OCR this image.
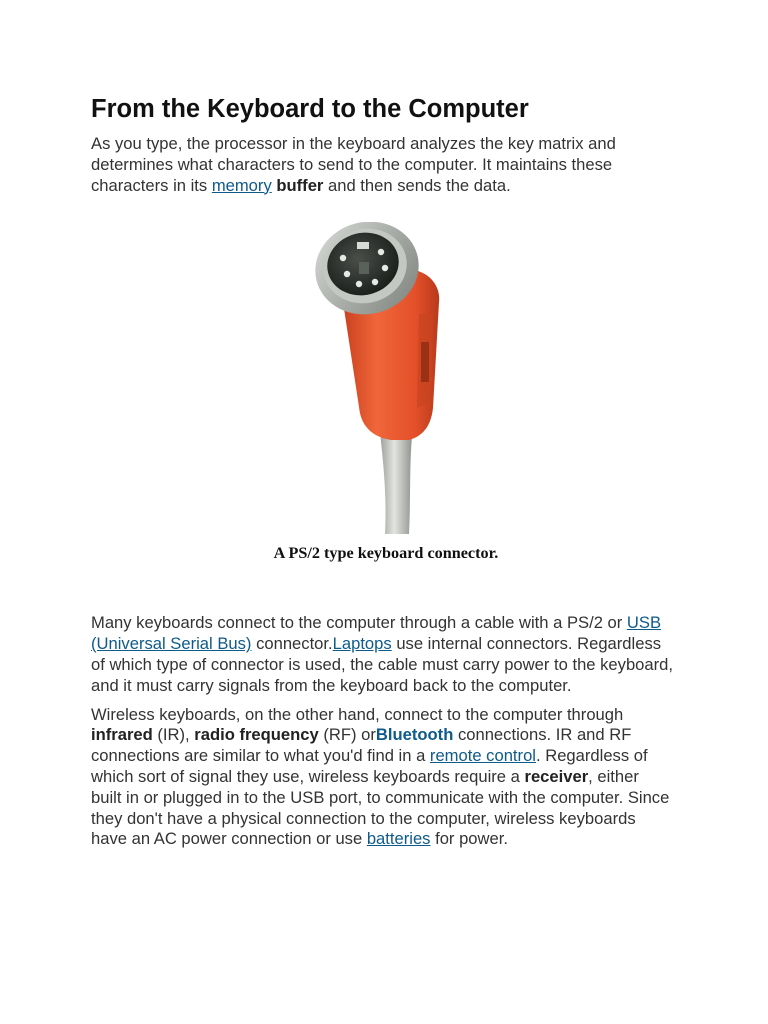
From the Keyboard to the Computer

As you type, the processor in the keyboard analyzes the key matrix and determines what characters to send to the computer. It maintains these characters in its memory buffer and then sends the data.

A PS/2 type keyboard connector.

Many keyboards connect to the computer through a cable with a PS/2 or USB (Universal Serial Bus) connector.Laptops use internal connectors. Regardless of which type of connector is used, the cable must carry power to the keyboard, and it must carry signals from the keyboard back to the computer.

Wireless keyboards, on the other hand, connect to the computer through infrared (IR), radio frequency (RF) orBluetooth connections. IR and RF connections are similar to what you'd find in a remote control. Regardless of which sort of signal they use, wireless keyboards require a receiver, either built in or plugged in to the USB port, to communicate with the computer. Since they don't have a physical connection to the computer, wireless keyboards have an AC power connection or use batteries for power.
